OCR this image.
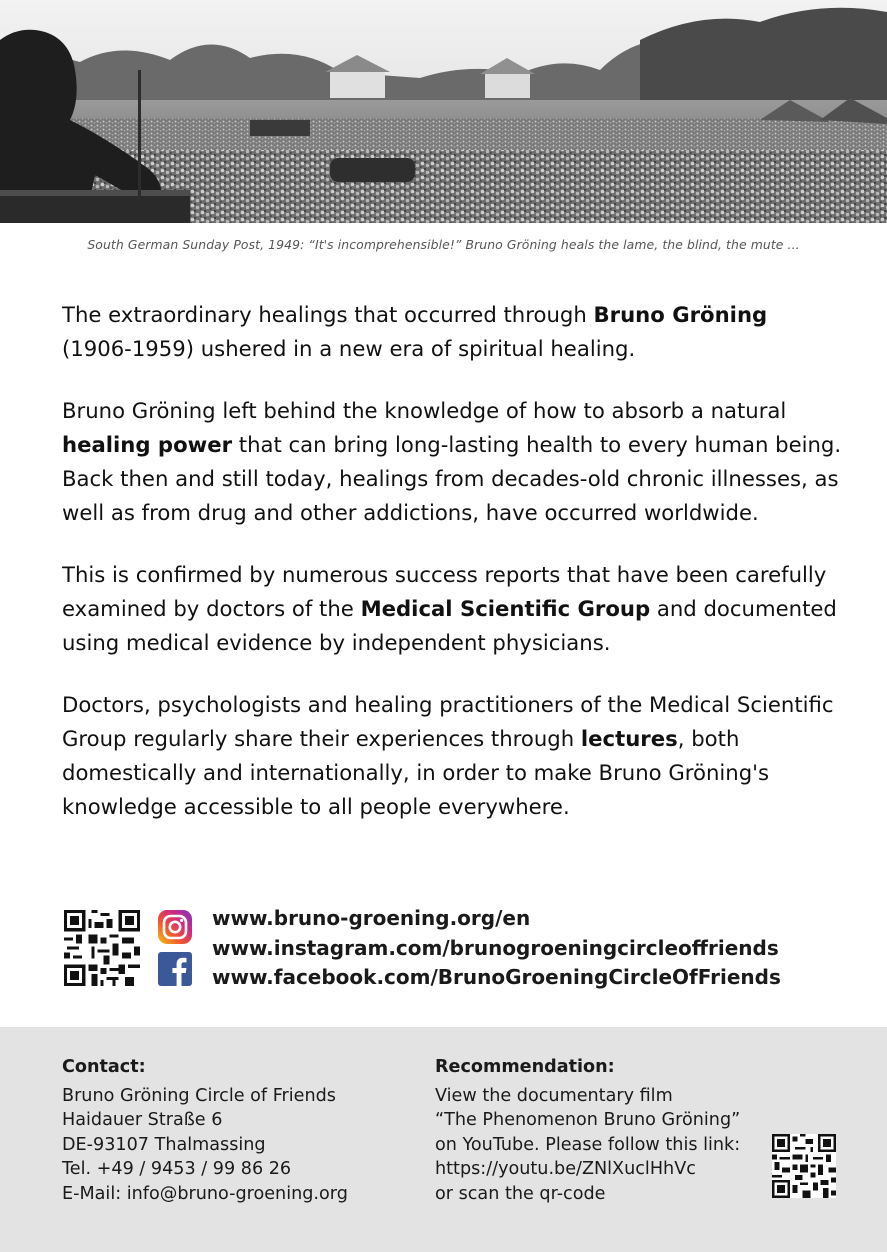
South German Sunday Post, 1949: “It's incomprehensible!” Bruno Gröning heals the lame, the blind, the mute ...

The extraordinary healings that occurred through Bruno Gröning (1906-1959) ushered in a new era of spiritual healing.

Bruno Gröning left behind the knowledge of how to absorb a natural healing power that can bring long-lasting health to every human being. Back then and still today, healings from decades-old chronic illnesses, as well as from drug and other addictions, have occurred worldwide.

This is confirmed by numerous success reports that have been carefully examined by doctors of the Medical Scientific Group and documented using medical evidence by independent physicians.

Doctors, psychologists and healing practitioners of the Medical Scientific Group regularly share their experiences through lectures, both domestically and internationally, in order to make Bruno Gröning's knowledge accessible to all people everywhere.

www.bruno-groening.org/en
www.instagram.com/brunogroeningcircleoffriends
www.facebook.com/BrunoGroeningCircleOfFriends
Contact:
Bruno Gröning Circle of Friends
Haidauer Straße 6
DE-93107 Thalmassing
Tel. +49 / 9453 / 99 86 26
E-Mail: info@bruno-groening.org
Recommendation:
View the documentary film
“The Phenomenon Bruno Gröning”
on YouTube. Please follow this link:
https://youtu.be/ZNlXuclHhVc
or scan the qr-code
